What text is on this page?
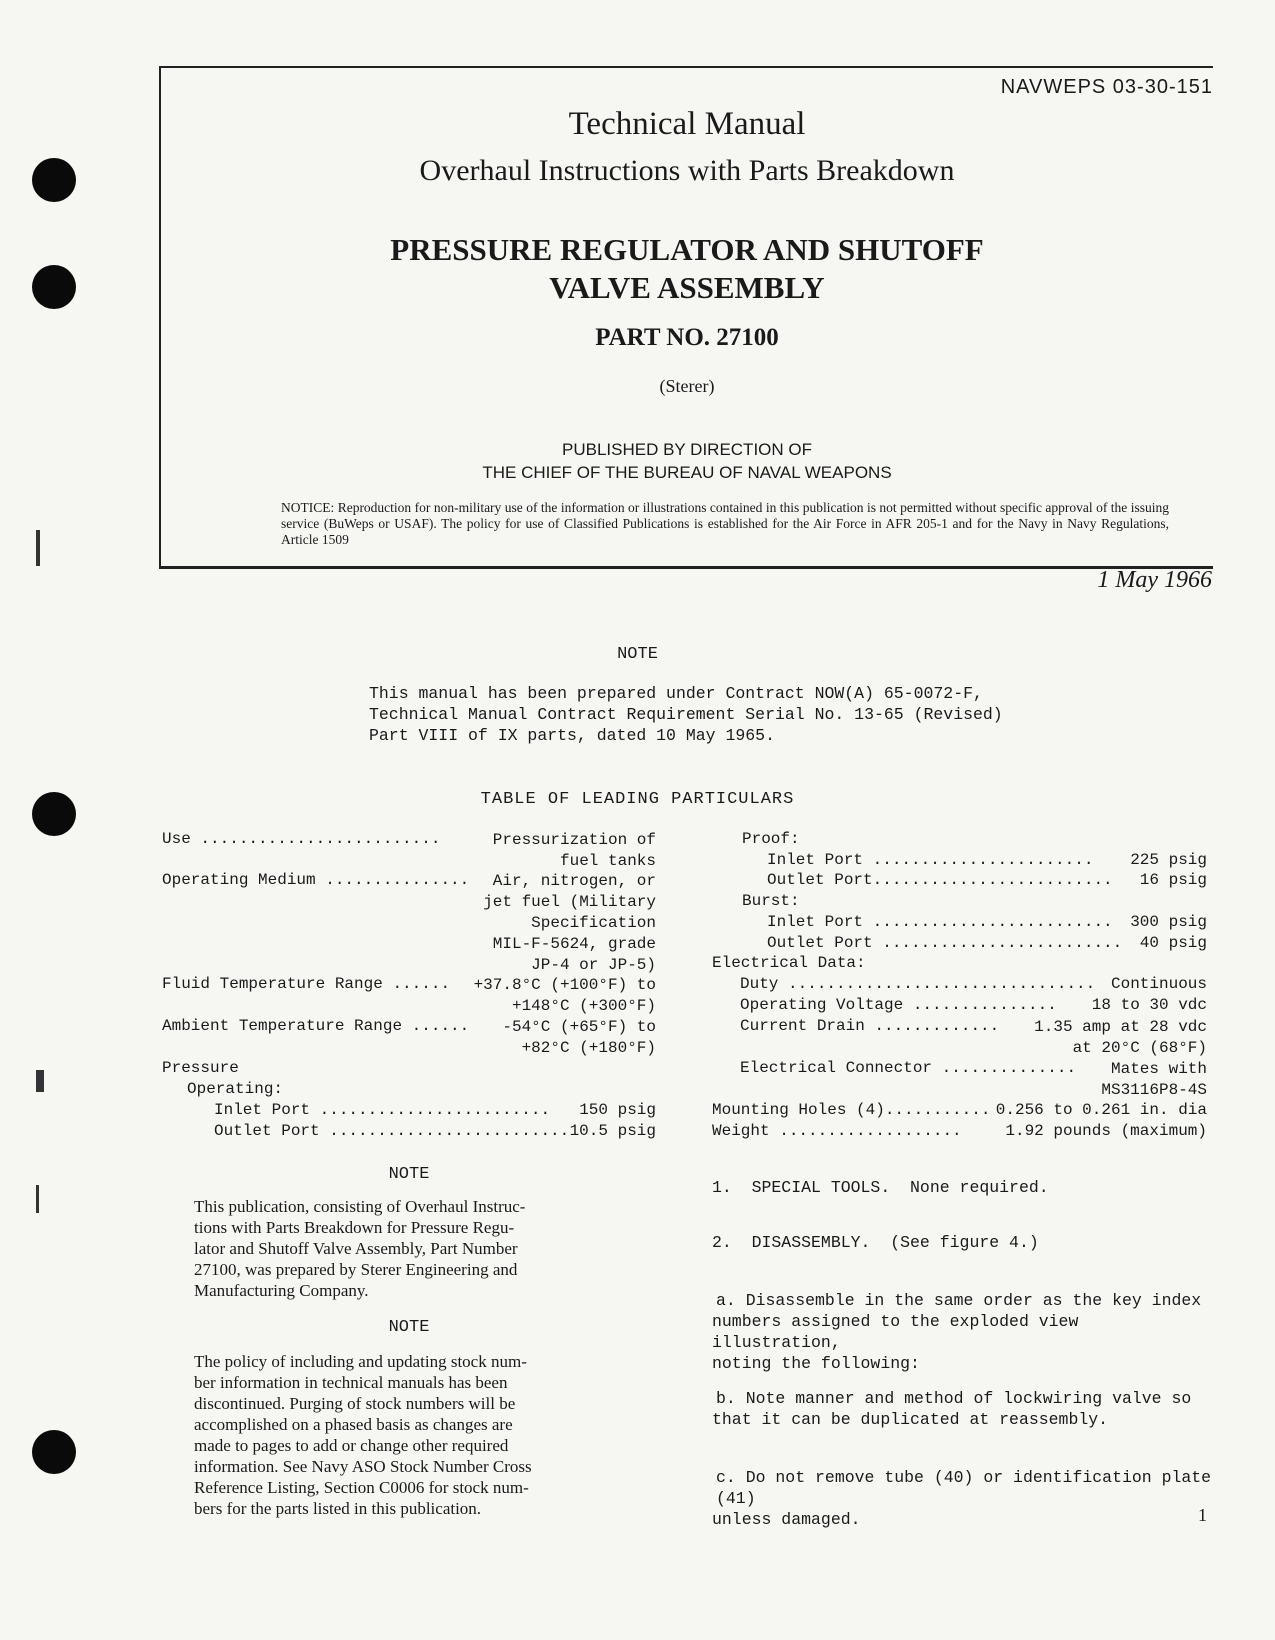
NAVWEPS 03-30-151
Technical Manual
Overhaul Instructions with Parts Breakdown
PRESSURE REGULATOR AND SHUTOFF
VALVE ASSEMBLY
PART NO. 27100
(Sterer)
PUBLISHED BY DIRECTION OF
THE CHIEF OF THE BUREAU OF NAVAL WEAPONS
NOTICE: Reproduction for non-military use of the information or illustrations contained in this publication is not permitted without specific approval of the issuing service (BuWeps or USAF). The policy for use of Classified Publications is established for the Air Force in AFR 205-1 and for the Navy in Navy Regulations, Article 1509
1 May 1966
NOTE
This manual has been prepared under Contract NOW(A) 65-0072-F,
Technical Manual Contract Requirement Serial No. 13-65 (Revised)
Part VIII of IX parts, dated 10 May 1965.
TABLE OF LEADING PARTICULARS
Use .........................	Pressurization of
fuel tanks
Operating Medium ...............	Air, nitrogen, or
jet fuel (Military
Specification
MIL-F-5624, grade
JP-4 or JP-5)
Fluid Temperature Range ...... +37.8°C (+100°F) to
+148°C (+300°F)
Ambient Temperature Range ...... -54°C (+65°F) to
+82°C (+180°F)
Pressure
Operating:
Inlet Port ........................ 150 psig
Outlet Port ......................... 10.5 psig
Proof:
Inlet Port ....................... 225 psig
Outlet Port......................... 16 psig
Burst:
Inlet Port ......................... 300 psig
Outlet Port ......................... 40 psig
Electrical Data:
Duty ................................ Continuous
Operating Voltage ............... 18 to 30 vdc
Current Drain ............. 1.35 amp at 28 vdc
at 20°C (68°F)
Electrical Connector ..............	Mates with
MS3116P8-4S
Mounting Holes (4)........... 0.256 to 0.261 in. dia
Weight ...................	1.92 pounds (maximum)
NOTE
This publication, consisting of Overhaul Instruc-
tions with Parts Breakdown for Pressure Regu-
lator and Shutoff Valve Assembly, Part Number
27100, was prepared by Sterer Engineering and
Manufacturing Company.
NOTE
The policy of including and updating stock num-
ber information in technical manuals has been
discontinued. Purging of stock numbers will be
accomplished on a phased basis as changes are
made to pages to add or change other required
information. See Navy ASO Stock Number Cross
Reference Listing, Section C0006 for stock num-
bers for the parts listed in this publication.
1.  SPECIAL TOOLS.  None required.
2.  DISASSEMBLY.  (See figure 4.)
a. Disassemble in the same order as the key index
numbers assigned to the exploded view illustration,
noting the following:
b. Note manner and method of lockwiring valve so
that it can be duplicated at reassembly.
c. Do not remove tube (40) or identification plate (41)
unless damaged.	1
